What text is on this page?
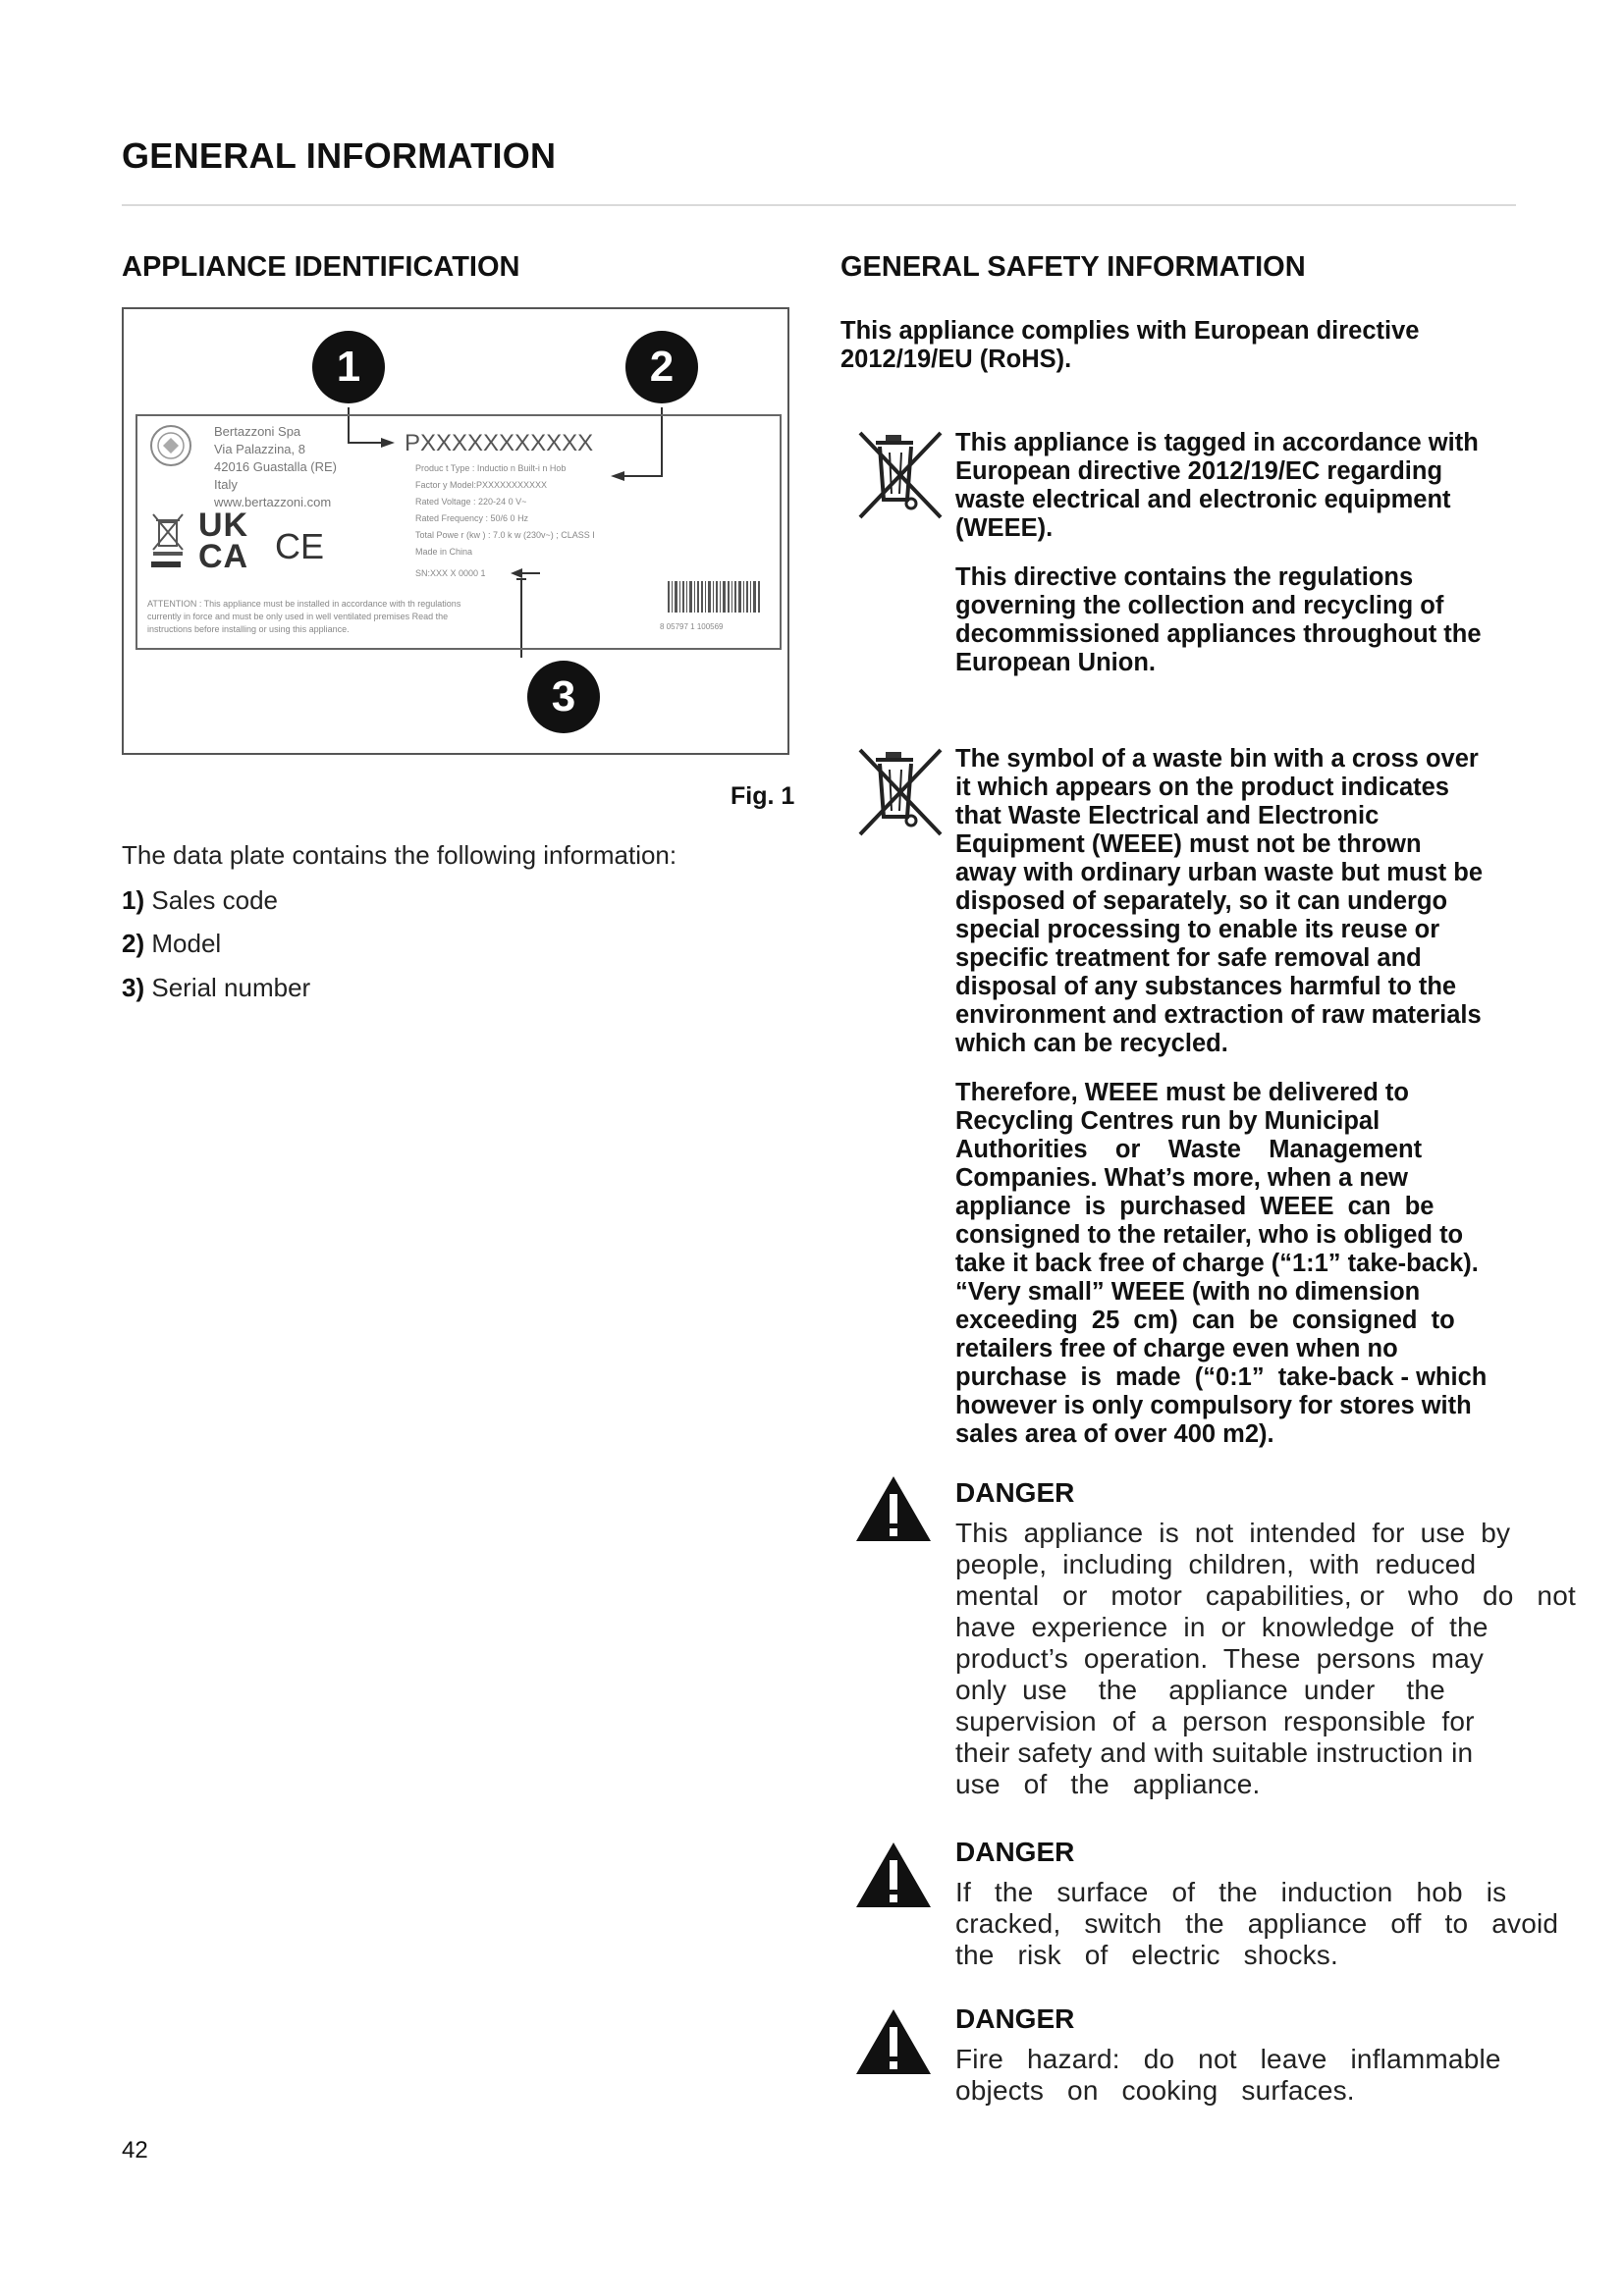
GENERAL INFORMATION
APPLIANCE IDENTIFICATION
Bertazzoni Spa
Via Palazzina, 8
42016 Guastalla (RE)
Italy
www.bertazzoni.com
PXXXXXXXXXXX
Produc t Type : Inductio n Built-i n Hob
Factor y Model:PXXXXXXXXXXX
Rated Voltage : 220-24 0 V~
Rated Frequency : 50/6 0 Hz
Total Powe r (kw ) : 7.0 k w (230v~) ; CLASS I
Made in China
SN:XXX X 0000 1
UK
CA CE
ATTENTION : This appliance must be installed in accordance with th regulations
currently in force and must be only used in well ventilated premises Read the
instructions before installing or using this appliance.	8 05797 1 100569
1	2
3
Fig. 1
The data plate contains the following information:
1) Sales code
2) Model
3) Serial number
42
GENERAL SAFETY INFORMATION
This appliance complies with European directive
2012/19/EU (RoHS).
This appliance is tagged in accordance with
European directive 2012/19/EC regarding
waste electrical and electronic equipment
(WEEE).
This directive contains the regulations
governing the collection and recycling of
decommissioned appliances throughout the
European Union.
The symbol of a waste bin with a cross over
it which appears on the product indicates
that Waste Electrical and Electronic
Equipment (WEEE) must not be thrown
away with ordinary urban waste but must be
disposed of separately, so it can undergo
special processing to enable its reuse or
specific treatment for safe removal and
disposal of any substances harmful to the
environment and extraction of raw materials
which can be recycled.
Therefore, WEEE must be delivered to
Recycling Centres run by Municipal
Authorities    or    Waste    Management
Companies. What’s more, when a new
appliance  is  purchased  WEEE  can  be
consigned to the retailer, who is obliged to
take it back free of charge (“1:1” take-back).
“Very small” WEEE (with no dimension
exceeding  25  cm)  can  be  consigned  to
retailers free of charge even when no
purchase  is  made  (“0:1”  take-back - which
however is only compulsory for stores with
sales area of over 400 m2).
DANGER
This  appliance  is  not  intended  for  use  by
people,  including  children,  with  reduced
mental   or   motor   capabilities, or   who   do   not
have  experience  in  or  knowledge  of  the
product’s  operation.  These  persons  may
only  use    the    appliance  under    the
supervision  of  a  person  responsible  for
their safety and with suitable instruction in
use   of   the   appliance.
DANGER
If   the   surface   of   the   induction   hob   is
cracked,   switch   the   appliance   off   to   avoid
the   risk   of   electric   shocks.
DANGER
Fire   hazard:   do   not   leave   inflammable
objects   on   cooking   surfaces.
